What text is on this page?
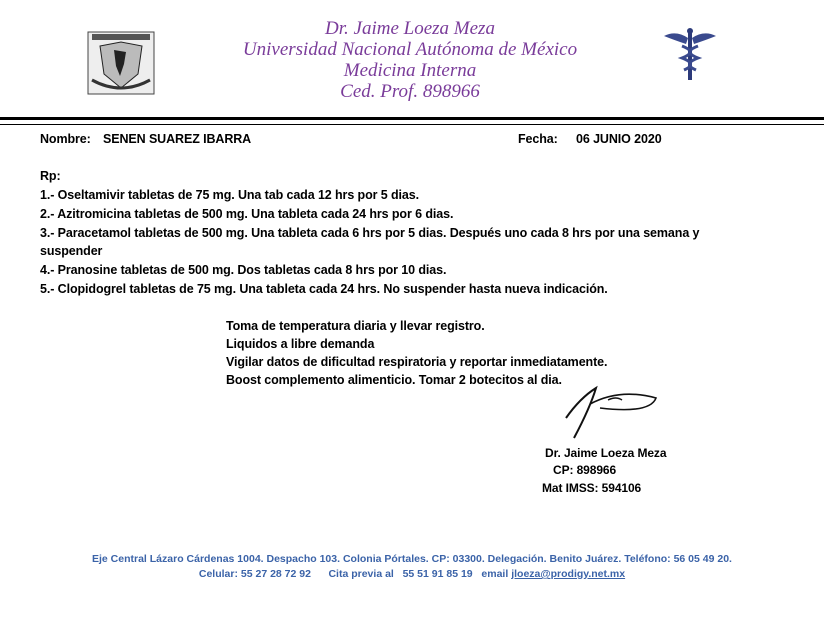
Dr. Jaime Loeza Meza
Universidad Nacional Autónoma de México
Medicina Interna
Ced. Prof. 898966
Nombre: SENEN SUAREZ IBARRA	Fecha: 06 JUNIO 2020
Rp:
1.- Oseltamivir tabletas de 75 mg. Una tab cada 12 hrs por 5 dias.
2.- Azitromicina tabletas de 500 mg. Una tableta cada 24 hrs por 6 dias.
3.- Paracetamol tabletas de 500 mg. Una tableta cada 6 hrs por 5 dias. Después uno cada 8 hrs por una semana y
suspender
4.- Pranosine tabletas de 500 mg. Dos tabletas cada 8 hrs por 10 dias.
5.- Clopidogrel tabletas de 75 mg. Una tableta cada 24 hrs. No suspender hasta nueva indicación.
Toma de temperatura diaria y llevar registro.
Liquidos a libre demanda
Vigilar datos de dificultad respiratoria y reportar inmediatamente.
Boost complemento alimenticio. Tomar 2 botecitos al dia.
Dr. Jaime Loeza Meza
CP: 898966
Mat IMSS: 594106
Eje Central Lázaro Cárdenas 1004. Despacho 103. Colonia Pórtales. CP: 03300. Delegación. Benito Juárez. Teléfono: 56 05 49 20.
Celular: 55 27 28 72 92 Cita previa al   55 51 91 85 19 email jloeza@prodigy.net.mx
